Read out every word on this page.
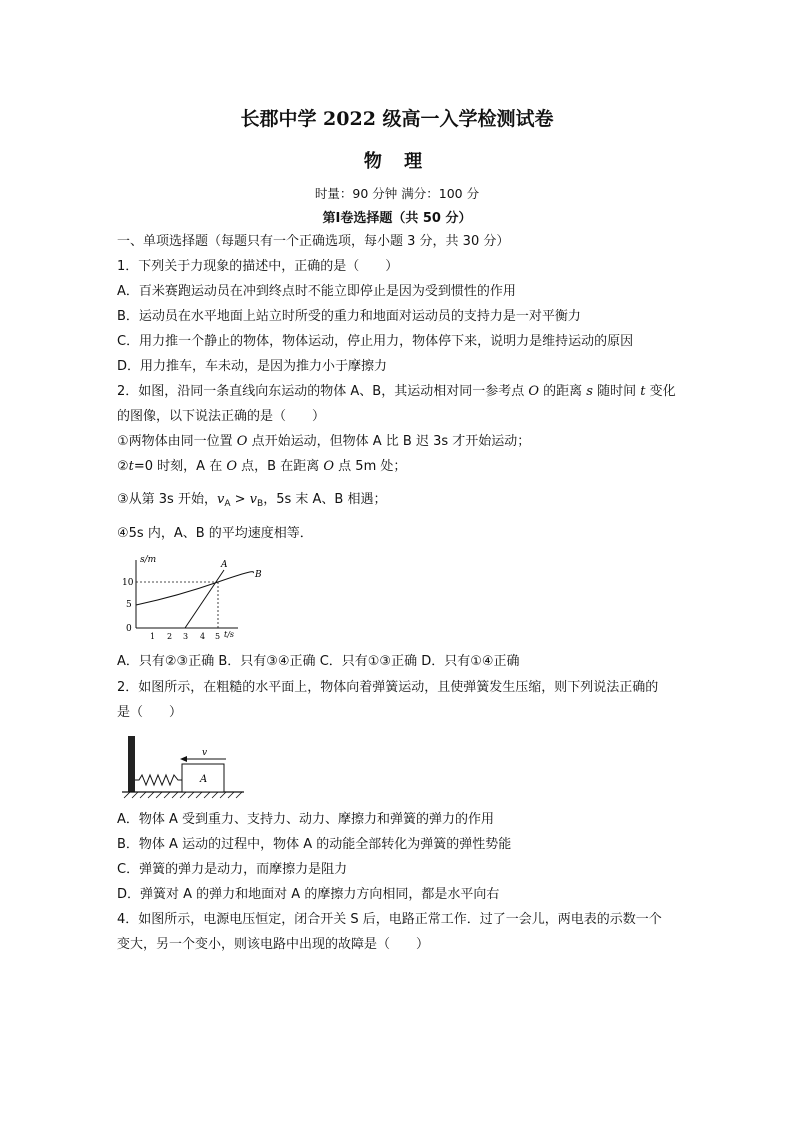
长郡中学 2022 级高一入学检测试卷
物 理
时量：90 分钟 满分：100 分
第Ⅰ卷选择题（共 50 分）
一、单项选择题（每题只有一个正确选项，每小题 3 分，共 30 分）
1．下列关于力现象的描述中，正确的是（　　）
A．百米赛跑运动员在冲到终点时不能立即停止是因为受到惯性的作用
B．运动员在水平地面上站立时所受的重力和地面对运动员的支持力是一对平衡力
C．用力推一个静止的物体，物体运动，停止用力，物体停下来，说明力是维持运动的原因
D．用力推车，车未动，是因为推力小于摩擦力
2．如图，沿同一条直线向东运动的物体 A、B，其运动相对同一参考点 O 的距离 s 随时间 t 变化
的图像，以下说法正确的是（　　）
①两物体由同一位置 O 点开始运动，但物体 A 比 B 迟 3s 才开始运动；
②t=0 时刻，A 在 O 点，B 在距离 O 点 5m 处；
③从第 3s 开始，$v_A > v_B$，5s 末 A、B 相遇；
④5s 内，A、B 的平均速度相等．
s/m
10
5
0
1 2 3 4 5 t/s
A
B
A．只有②③正确 B．只有③④正确 C．只有①③正确 D．只有①④正确
2．如图所示，在粗糙的水平面上，物体向着弹簧运动，且使弹簧发生压缩，则下列说法正确的
是（　　）
A
v
A．物体 A 受到重力、支持力、动力、摩擦力和弹簧的弹力的作用
B．物体 A 运动的过程中，物体 A 的动能全部转化为弹簧的弹性势能
C．弹簧的弹力是动力，而摩擦力是阻力
D．弹簧对 A 的弹力和地面对 A 的摩擦力方向相同，都是水平向右
4．如图所示，电源电压恒定，闭合开关 S 后，电路正常工作．过了一会儿，两电表的示数一个
变大，另一个变小，则该电路中出现的故障是（　　）
